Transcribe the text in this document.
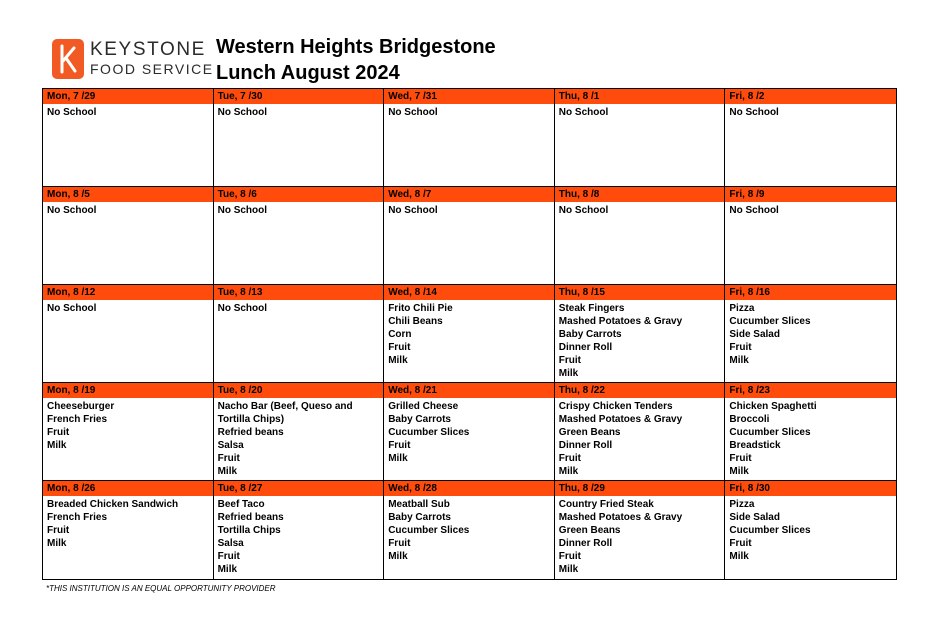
KEYSTONE
FOOD SERVICE
Western Heights Bridgestone
Lunch August 2024
Mon, 7 /29
No School
Tue, 7 /30
No School
Wed, 7 /31
No School
Thu, 8 /1
No School
Fri, 8 /2
No School
Mon, 8 /5
No School
Tue, 8 /6
No School
Wed, 8 /7
No School
Thu, 8 /8
No School
Fri, 8 /9
No School
Mon, 8 /12
No School
Tue, 8 /13
No School
Wed, 8 /14
Frito Chili Pie
Chili Beans
Corn
Fruit
Milk
Thu, 8 /15
Steak Fingers
Mashed Potatoes & Gravy
Baby Carrots
Dinner Roll
Fruit
Milk
Fri, 8 /16
Pizza
Cucumber Slices
Side Salad
Fruit
Milk
Mon, 8 /19
Cheeseburger
French Fries
Fruit
Milk
Tue, 8 /20
Nacho Bar (Beef, Queso and
Tortilla Chips)
Refried beans
Salsa
Fruit
Milk
Wed, 8 /21
Grilled Cheese
Baby Carrots
Cucumber Slices
Fruit
Milk
Thu, 8 /22
Crispy Chicken Tenders
Mashed Potatoes & Gravy
Green Beans
Dinner Roll
Fruit
Milk
Fri, 8 /23
Chicken Spaghetti
Broccoli
Cucumber Slices
Breadstick
Fruit
Milk
Mon, 8 /26
Breaded Chicken Sandwich
French Fries
Fruit
Milk
Tue, 8 /27
Beef Taco
Refried beans
Tortilla Chips
Salsa
Fruit
Milk
Wed, 8 /28
Meatball Sub
Baby Carrots
Cucumber Slices
Fruit
Milk
Thu, 8 /29
Country Fried Steak
Mashed Potatoes & Gravy
Green Beans
Dinner Roll
Fruit
Milk
Fri, 8 /30
Pizza
Side Salad
Cucumber Slices
Fruit
Milk
*THIS INSTITUTION IS AN EQUAL OPPORTUNITY PROVIDER
